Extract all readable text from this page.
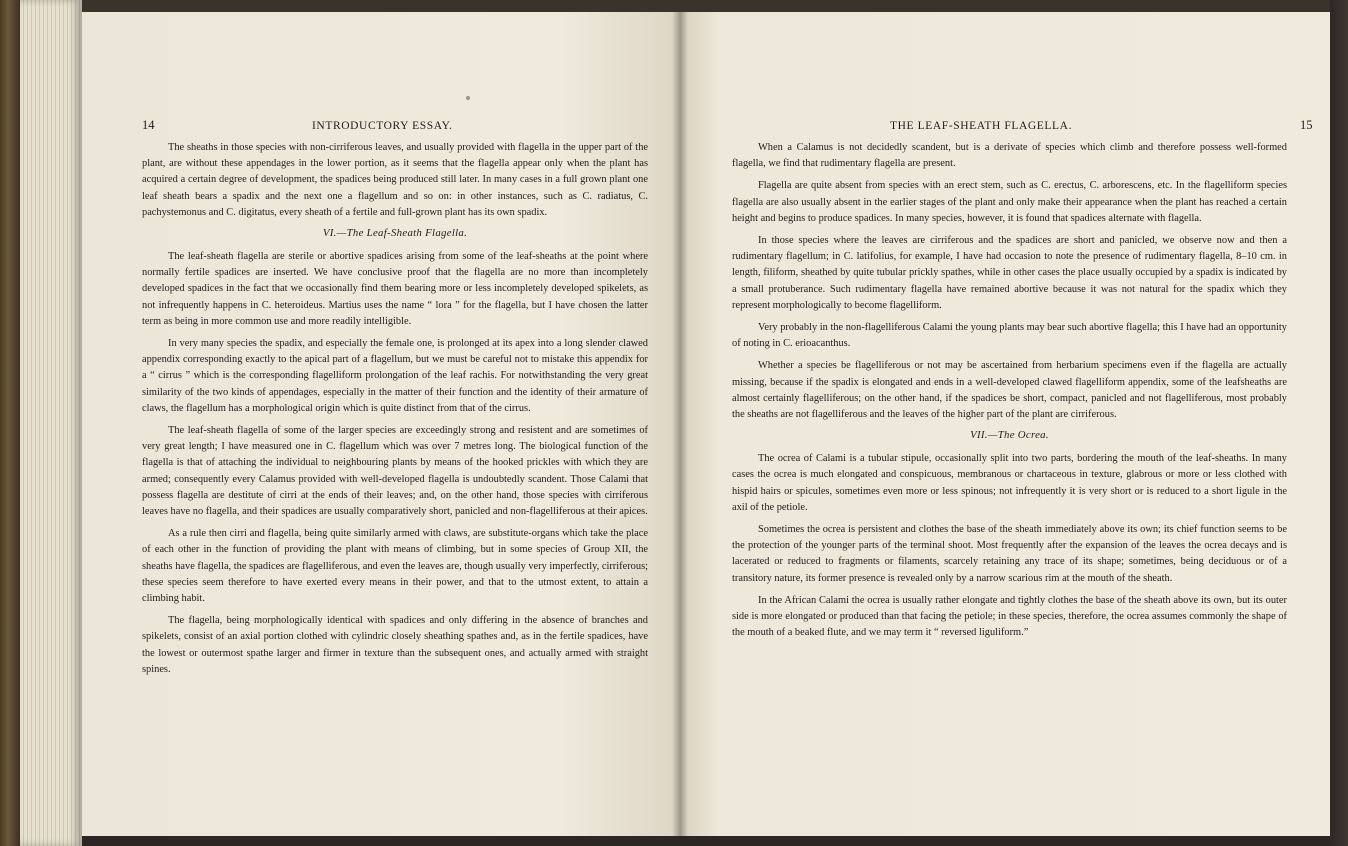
14	INTRODUCTORY ESSAY.

The sheaths in those species with non-cirriferous leaves, and usually provided with flagella in the upper part of the plant, are without these appendages in the lower portion, as it seems that the flagella appear only when the plant has acquired a certain degree of development, the spadices being produced still later. In many cases in a full grown plant one leaf sheath bears a spadix and the next one a flagellum and so on: in other instances, such as C. radiatus, C. pachystemonus and C. digitatus, every sheath of a fertile and full-grown plant has its own spadix.

VI.—The Leaf-Sheath Flagella.

The leaf-sheath flagella are sterile or abortive spadices arising from some of the leaf-sheaths at the point where normally fertile spadices are inserted. We have conclusive proof that the flagella are no more than incompletely developed spadices in the fact that we occasionally find them bearing more or less incompletely developed spikelets, as not infrequently happens in C. heteroideus. Martius uses the name “ lora ” for the flagella, but I have chosen the latter term as being in more common use and more readily intelligible.

In very many species the spadix, and especially the female one, is prolonged at its apex into a long slender clawed appendix corresponding exactly to the apical part of a flagellum, but we must be careful not to mistake this appendix for a “ cirrus ” which is the corresponding flagelliform prolongation of the leaf rachis. For notwithstanding the very great similarity of the two kinds of appendages, especially in the matter of their function and the identity of their armature of claws, the flagellum has a morphological origin which is quite distinct from that of the cirrus.

The leaf-sheath flagella of some of the larger species are exceedingly strong and resistent and are sometimes of very great length; I have measured one in C. flagellum which was over 7 metres long. The biological function of the flagella is that of attaching the individual to neighbouring plants by means of the hooked prickles with which they are armed; consequently every Calamus provided with well-developed flagella is undoubtedly scandent. Those Calami that possess flagella are destitute of cirri at the ends of their leaves; and, on the other hand, those species with cirriferous leaves have no flagella, and their spadices are usually comparatively short, panicled and non-flagelliferous at their apices.

As a rule then cirri and flagella, being quite similarly armed with claws, are substitute-organs which take the place of each other in the function of providing the plant with means of climbing, but in some species of Group XII, the sheaths have flagella, the spadices are flagelliferous, and even the leaves are, though usually very imperfectly, cirriferous; these species seem therefore to have exerted every means in their power, and that to the utmost extent, to attain a climbing habit.

The flagella, being morphologically identical with spadices and only differing in the absence of branches and spikelets, consist of an axial portion clothed with cylindric closely sheathing spathes and, as in the fertile spadices, have the lowest or outermost spathe larger and firmer in texture than the subsequent ones, and actually armed with straight spines.

THE LEAF-SHEATH FLAGELLA.	15

When a Calamus is not decidedly scandent, but is a derivate of species which climb and therefore possess well-formed flagella, we find that rudimentary flagella are present.

Flagella are quite absent from species with an erect stem, such as C. erectus, C. arborescens, etc. In the flagelliform species flagella are also usually absent in the earlier stages of the plant and only make their appearance when the plant has reached a certain height and begins to produce spadices. In many species, however, it is found that spadices alternate with flagella.

In those species where the leaves are cirriferous and the spadices are short and panicled, we observe now and then a rudimentary flagellum; in C. latifolius, for example, I have had occasion to note the presence of rudimentary flagella, 8–10 cm. in length, filiform, sheathed by quite tubular prickly spathes, while in other cases the place usually occupied by a spadix is indicated by a small protuberance. Such rudimentary flagella have remained abortive because it was not natural for the spadix which they represent morphologically to become flagelliform.

Very probably in the non-flagelliferous Calami the young plants may bear such abortive flagella; this I have had an opportunity of noting in C. erioacanthus.

Whether a species be flagelliferous or not may be ascertained from herbarium specimens even if the flagella are actually missing, because if the spadix is elongated and ends in a well-developed clawed flagelliform appendix, some of the leafsheaths are almost certainly flagelliferous; on the other hand, if the spadices be short, compact, panicled and not flagelliferous, most probably the sheaths are not flagelliferous and the leaves of the higher part of the plant are cirriferous.

VII.—The Ocrea.

The ocrea of Calami is a tubular stipule, occasionally split into two parts, bordering the mouth of the leaf-sheaths. In many cases the ocrea is much elongated and conspicuous, membranous or chartaceous in texture, glabrous or more or less clothed with hispid hairs or spicules, sometimes even more or less spinous; not infrequently it is very short or is reduced to a short ligule in the axil of the petiole.

Sometimes the ocrea is persistent and clothes the base of the sheath immediately above its own; its chief function seems to be the protection of the younger parts of the terminal shoot. Most frequently after the expansion of the leaves the ocrea decays and is lacerated or reduced to fragments or filaments, scarcely retaining any trace of its shape; sometimes, being deciduous or of a transitory nature, its former presence is revealed only by a narrow scarious rim at the mouth of the sheath.

In the African Calami the ocrea is usually rather elongate and tightly clothes the base of the sheath above its own, but its outer side is more elongated or produced than that facing the petiole; in these species, therefore, the ocrea assumes commonly the shape of the mouth of a beaked flute, and we may term it “ reversed liguliform.”
